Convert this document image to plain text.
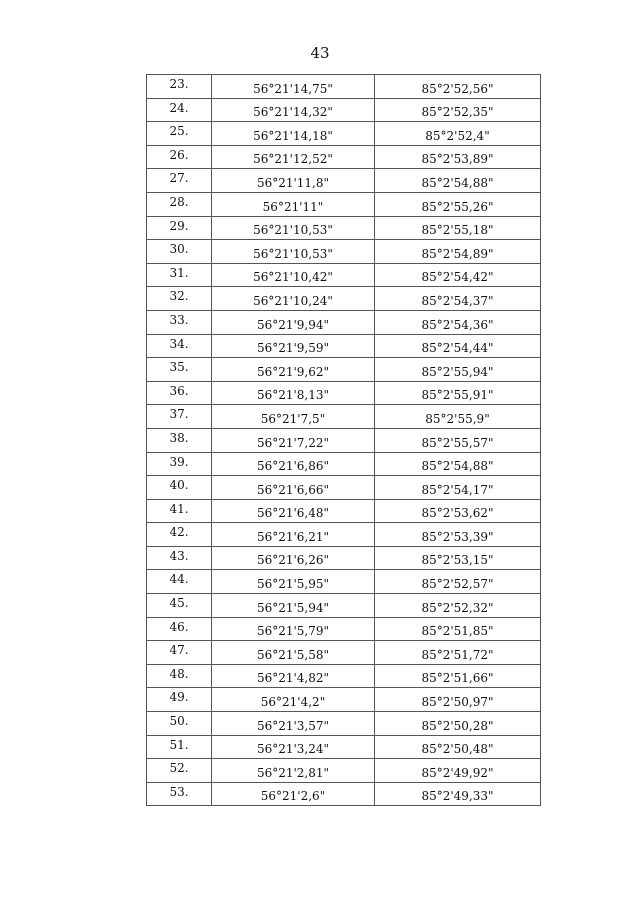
43
23.	56°21'14,75"	85°2'52,56"
24.	56°21'14,32"	85°2'52,35"
25.	56°21'14,18"	85°2'52,4"
26.	56°21'12,52"	85°2'53,89"
27.	56°21'11,8"	85°2'54,88"
28.	56°21'11"	85°2'55,26"
29.	56°21'10,53"	85°2'55,18"
30.	56°21'10,53"	85°2'54,89"
31.	56°21'10,42"	85°2'54,42"
32.	56°21'10,24"	85°2'54,37"
33.	56°21'9,94"	85°2'54,36"
34.	56°21'9,59"	85°2'54,44"
35.	56°21'9,62"	85°2'55,94"
36.	56°21'8,13"	85°2'55,91"
37.	56°21'7,5"	85°2'55,9"
38.	56°21'7,22"	85°2'55,57"
39.	56°21'6,86"	85°2'54,88"
40.	56°21'6,66"	85°2'54,17"
41.	56°21'6,48"	85°2'53,62"
42.	56°21'6,21"	85°2'53,39"
43.	56°21'6,26"	85°2'53,15"
44.	56°21'5,95"	85°2'52,57"
45.	56°21'5,94"	85°2'52,32"
46.	56°21'5,79"	85°2'51,85"
47.	56°21'5,58"	85°2'51,72"
48.	56°21'4,82"	85°2'51,66"
49.	56°21'4,2"	85°2'50,97"
50.	56°21'3,57"	85°2'50,28"
51.	56°21'3,24"	85°2'50,48"
52.	56°21'2,81"	85°2'49,92"
53.	56°21'2,6"	85°2'49,33"
